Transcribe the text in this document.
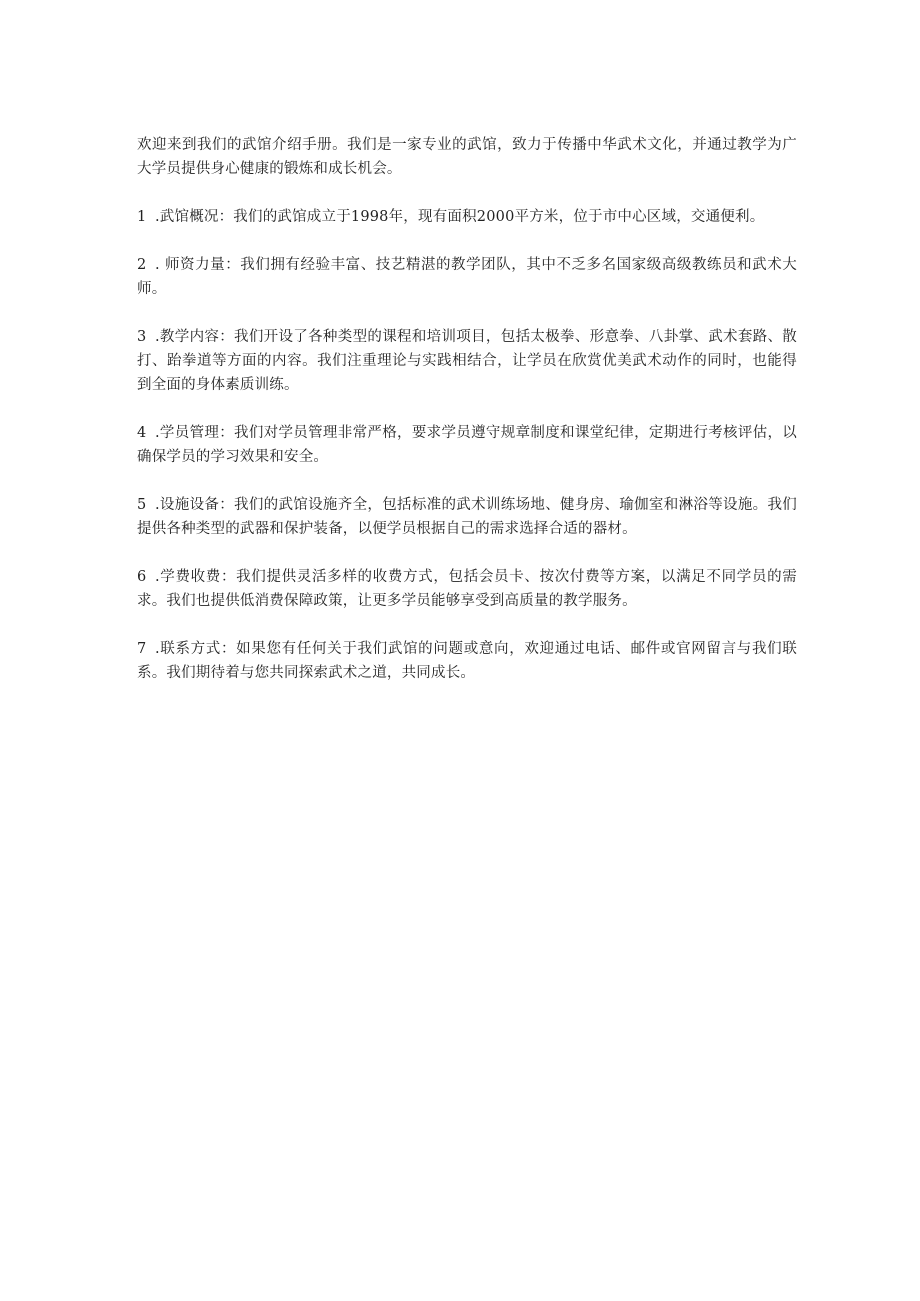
欢迎来到我们的武馆介绍手册。我们是一家专业的武馆，致力于传播中华武术文化，并通过教学为广大学员提供身心健康的锻炼和成长机会。

1 .武馆概况：我们的武馆成立于1998年，现有面积2000平方米，位于市中心区域，交通便利。

2 . 师资力量：我们拥有经验丰富、技艺精湛的教学团队，其中不乏多名国家级高级教练员和武术大师。

3 .教学内容：我们开设了各种类型的课程和培训项目，包括太极拳、形意拳、八卦掌、武术套路、散打、跆拳道等方面的内容。我们注重理论与实践相结合，让学员在欣赏优美武术动作的同时，也能得到全面的身体素质训练。

4 .学员管理：我们对学员管理非常严格，要求学员遵守规章制度和课堂纪律，定期进行考核评估，以确保学员的学习效果和安全。

5 .设施设备：我们的武馆设施齐全，包括标准的武术训练场地、健身房、瑜伽室和淋浴等设施。我们提供各种类型的武器和保护装备，以便学员根据自己的需求选择合适的器材。

6 .学费收费：我们提供灵活多样的收费方式，包括会员卡、按次付费等方案，以满足不同学员的需求。我们也提供低消费保障政策，让更多学员能够享受到高质量的教学服务。

7 .联系方式：如果您有任何关于我们武馆的问题或意向，欢迎通过电话、邮件或官网留言与我们联系。我们期待着与您共同探索武术之道，共同成长。
